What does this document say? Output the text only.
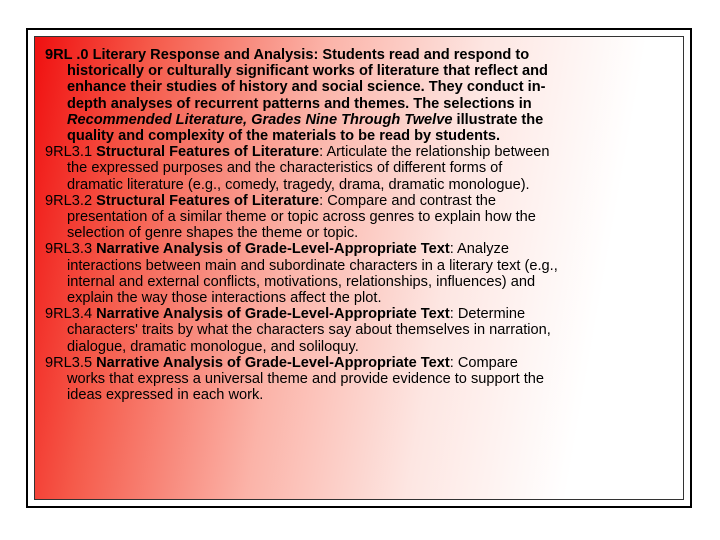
9RL .0 Literary Response and Analysis: Students read and respond to
historically or culturally significant works of literature that reflect and
enhance their studies of history and social science. They conduct in-
depth analyses of recurrent patterns and themes. The selections in
Recommended Literature, Grades Nine Through Twelve illustrate the
quality and complexity of the materials to be read by students.
9RL3.1 Structural Features of Literature: Articulate the relationship between
the expressed purposes and the characteristics of different forms of
dramatic literature (e.g., comedy, tragedy, drama, dramatic monologue).
9RL3.2 Structural Features of Literature: Compare and contrast the
presentation of a similar theme or topic across genres to explain how the
selection of genre shapes the theme or topic.
9RL3.3 Narrative Analysis of Grade-Level-Appropriate Text: Analyze
interactions between main and subordinate characters in a literary text (e.g.,
internal and external conflicts, motivations, relationships, influences) and
explain the way those interactions affect the plot.
9RL3.4 Narrative Analysis of Grade-Level-Appropriate Text: Determine
characters' traits by what the characters say about themselves in narration,
dialogue, dramatic monologue, and soliloquy.
9RL3.5 Narrative Analysis of Grade-Level-Appropriate Text: Compare
works that express a universal theme and provide evidence to support the
ideas expressed in each work.
